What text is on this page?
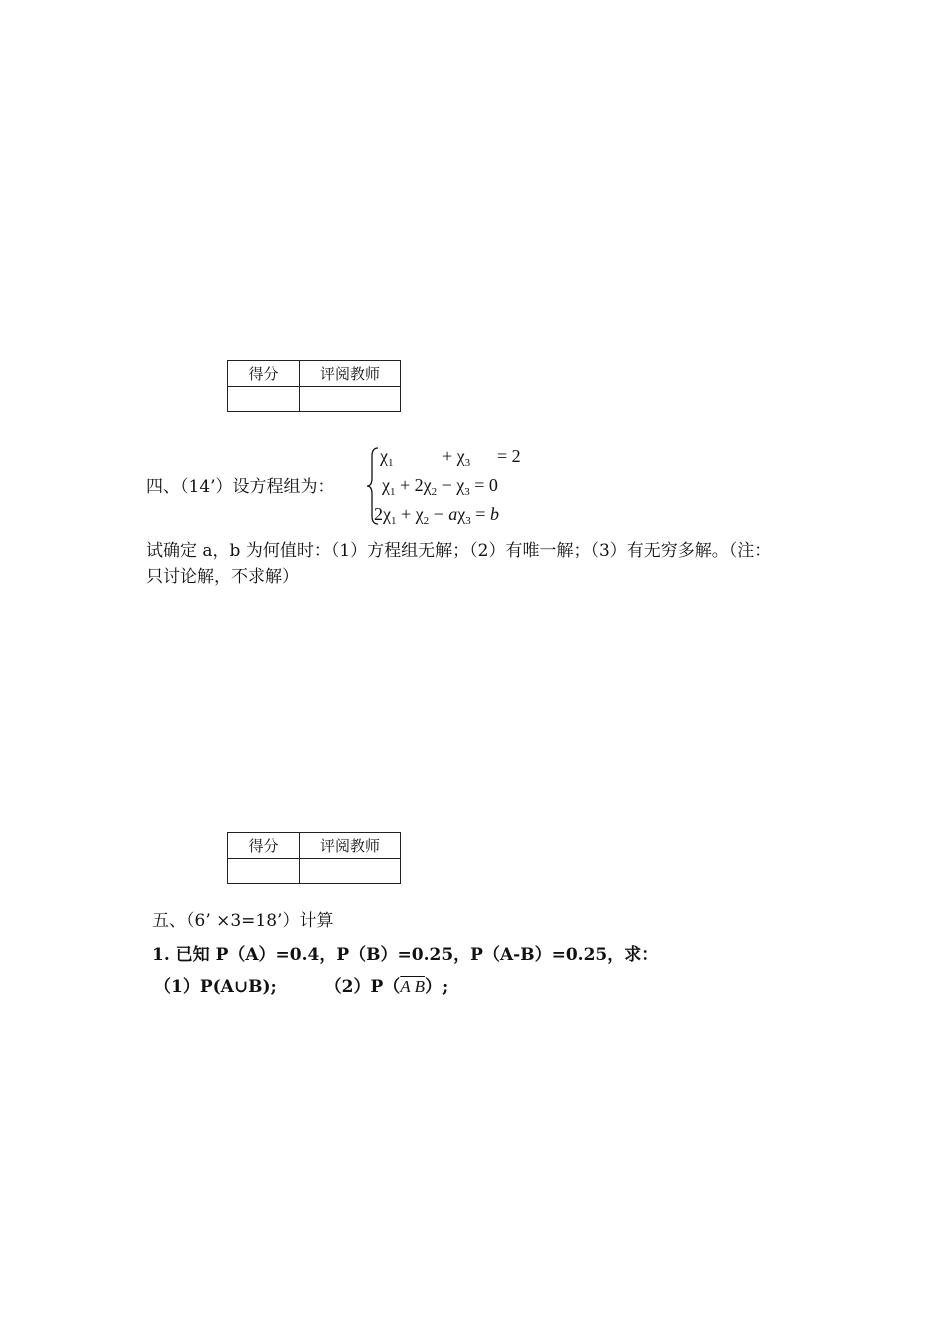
得分	评阅教师

四、（14’）设方程组为：
$\chi_1$	+ $\chi_3 = 2$
$\chi_1 + 2\chi_2 - \chi_3 = 0$
$2\chi_1 + \chi_2 - a\chi_3 = b$
试确定 a，b 为何值时：（1）方程组无解；（2）有唯一解；（3）有无穷多解。（注：
只讨论解，不求解）
得分	评阅教师

五、（6’ ×3=18’）计算
1. 已知 P（A）=0.4，P（B）=0.25，P（A-B）=0.25，求：
（1）P(A∪B);	（2）P（A B）;
